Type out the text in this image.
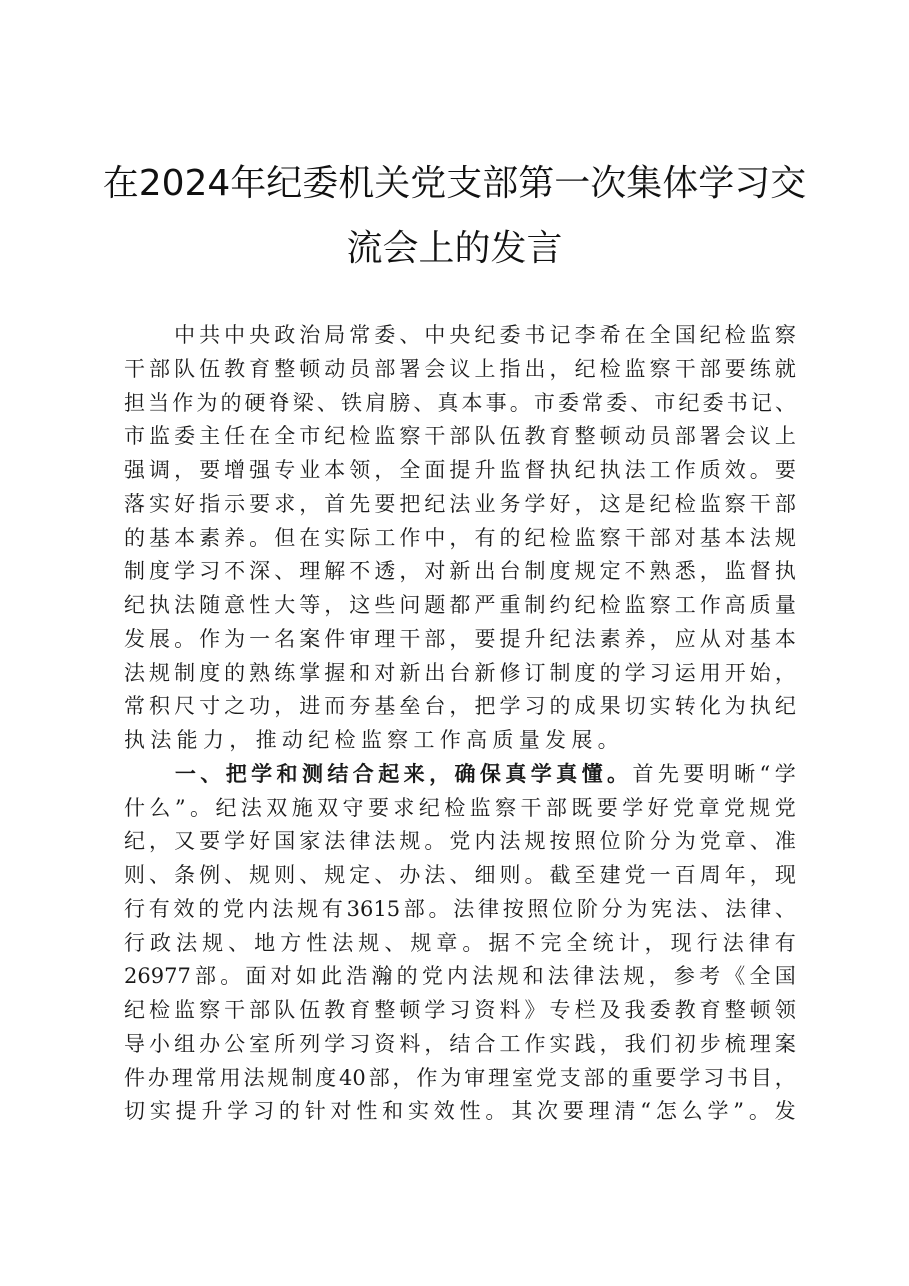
在2024年纪委机关党支部第一次集体学习交
流会上的发言

中 共 中 央 政 治 局 常 委 、 中 央 纪 委 书 记 李 希 在 全 国 纪 检 监 察
干 部 队 伍 教 育 整 顿 动 员 部 署 会 议 上 指 出 ， 纪 检 监 察 干 部 要 练 就
担 当 作 为 的 硬 脊 梁 、 铁 肩 膀 、 真 本 事 。 市 委 常 委 、 市 纪 委 书 记 、
市 监 委 主 任 在 全 市 纪 检 监 察 干 部 队 伍 教 育 整 顿 动 员 部 署 会 议 上
强 调 ， 要 增 强 专 业 本 领 ， 全 面 提 升 监 督 执 纪 执 法 工 作 质 效 。 要
落 实 好 指 示 要 求 ， 首 先 要 把 纪 法 业 务 学 好 ， 这 是 纪 检 监 察 干 部
的 基 本 素 养 。 但 在 实 际 工 作 中 ， 有 的 纪 检 监 察 干 部 对 基 本 法 规
制 度 学 习 不 深 、 理 解 不 透 ， 对 新 出 台 制 度 规 定 不 熟 悉 ， 监 督 执
纪 执 法 随 意 性 大 等 ， 这 些 问 题 都 严 重 制 约 纪 检 监 察 工 作 高 质 量
发 展 。 作 为 一 名 案 件 审 理 干 部 ， 要 提 升 纪 法 素 养 ， 应 从 对 基 本
法 规 制 度 的 熟 练 掌 握 和 对 新 出 台 新 修 订 制 度 的 学 习 运 用 开 始 ，
常 积 尺 寸 之 功 ， 进 而 夯 基 垒 台 ， 把 学 习 的 成 果 切 实 转 化 为 执 纪
执 法 能 力 ， 推 动 纪 检 监 察 工 作 高 质 量 发 展 。

一 、 把 学 和 测 结 合 起 来 ， 确 保 真 学 真 懂 。 首 先 要 明 晰 “ 学
什 么 ” 。 纪 法 双 施 双 守 要 求 纪 检 监 察 干 部 既 要 学 好 党 章 党 规 党
纪 ， 又 要 学 好 国 家 法 律 法 规 。 党 内 法 规 按 照 位 阶 分 为 党 章 、 准
则 、 条 例 、 规 则 、 规 定 、 办 法 、 细 则 。 截 至 建 党 一 百 周 年 ， 现
行 有 效 的 党 内 法 规 有 3615 部 。 法 律 按 照 位 阶 分 为 宪 法 、 法 律 、
行 政 法 规 、 地 方 性 法 规 、 规 章 。 据 不 完 全 统 计 ， 现 行 法 律 有
26977 部 。 面 对 如 此 浩 瀚 的 党 内 法 规 和 法 律 法 规 ， 参 考 《 全 国
纪 检 监 察 干 部 队 伍 教 育 整 顿 学 习 资 料 》 专 栏 及 我 委 教 育 整 顿 领
导 小 组 办 公 室 所 列 学 习 资 料 ， 结 合 工 作 实 践 ， 我 们 初 步 梳 理 案
件 办 理 常 用 法 规 制 度 40 部 ， 作 为 审 理 室 党 支 部 的 重 要 学 习 书 目 ，
切 实 提 升 学 习 的 针 对 性 和 实 效 性 。 其 次 要 理 清 “ 怎 么 学 ” 。 发
